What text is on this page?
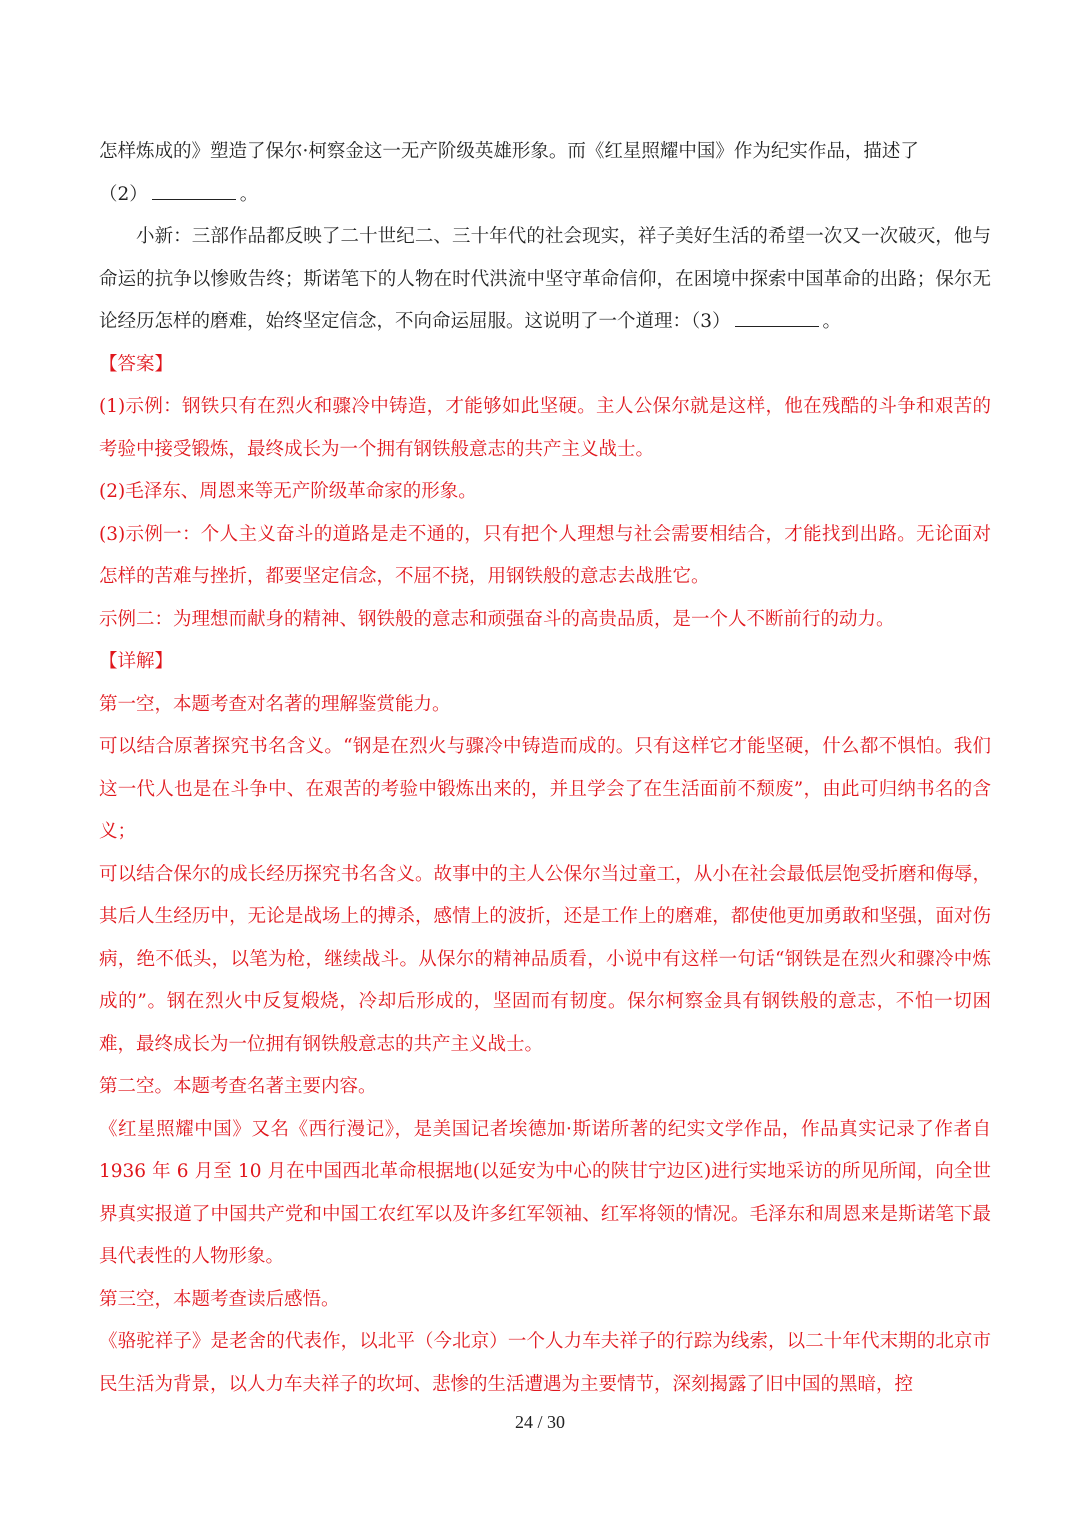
怎样炼成的》塑造了保尔·柯察金这一无产阶级英雄形象。而《红星照耀中国》作为纪实作品，描述了

（2）	。

小新：三部作品都反映了二十世纪二、三十年代的社会现实，祥子美好生活的希望一次又一次破灭，他与命运的抗争以惨败告终；斯诺笔下的人物在时代洪流中坚守革命信仰，在困境中探索中国革命的出路；保尔无论经历怎样的磨难，始终坚定信念，不向命运屈服。这说明了一个道理：（3）	。

【答案】

(1)示例：钢铁只有在烈火和骤冷中铸造，才能够如此坚硬。主人公保尔就是这样，他在残酷的斗争和艰苦的考验中接受锻炼，最终成长为一个拥有钢铁般意志的共产主义战士。

(2)毛泽东、周恩来等无产阶级革命家的形象。

(3)示例一：个人主义奋斗的道路是走不通的，只有把个人理想与社会需要相结合，才能找到出路。无论面对怎样的苦难与挫折，都要坚定信念，不屈不挠，用钢铁般的意志去战胜它。

示例二：为理想而献身的精神、钢铁般的意志和顽强奋斗的高贵品质，是一个人不断前行的动力。

【详解】

第一空，本题考查对名著的理解鉴赏能力。

可以结合原著探究书名含义。“钢是在烈火与骤冷中铸造而成的。只有这样它才能坚硬，什么都不惧怕。我们这一代人也是在斗争中、在艰苦的考验中锻炼出来的，并且学会了在生活面前不颓废”，由此可归纳书名的含义；

可以结合保尔的成长经历探究书名含义。故事中的主人公保尔当过童工，从小在社会最低层饱受折磨和侮辱，其后人生经历中，无论是战场上的搏杀，感情上的波折，还是工作上的磨难，都使他更加勇敢和坚强，面对伤病，绝不低头，以笔为枪，继续战斗。从保尔的精神品质看，小说中有这样一句话“钢铁是在烈火和骤冷中炼成的”。钢在烈火中反复煅烧，冷却后形成的，坚固而有韧度。保尔柯察金具有钢铁般的意志，不怕一切困难，最终成长为一位拥有钢铁般意志的共产主义战士。

第二空。本题考查名著主要内容。

《红星照耀中国》又名《西行漫记》，是美国记者埃德加·斯诺所著的纪实文学作品，作品真实记录了作者自 1936 年 6 月至 10 月在中国西北革命根据地(以延安为中心的陕甘宁边区)进行实地采访的所见所闻，向全世界真实报道了中国共产党和中国工农红军以及许多红军领袖、红军将领的情况。毛泽东和周恩来是斯诺笔下最具代表性的人物形象。

第三空，本题考查读后感悟。

《骆驼祥子》是老舍的代表作，以北平（今北京）一个人力车夫祥子的行踪为线索，以二十年代末期的北京市民生活为背景，以人力车夫祥子的坎坷、悲惨的生活遭遇为主要情节，深刻揭露了旧中国的黑暗，控

24 / 30
